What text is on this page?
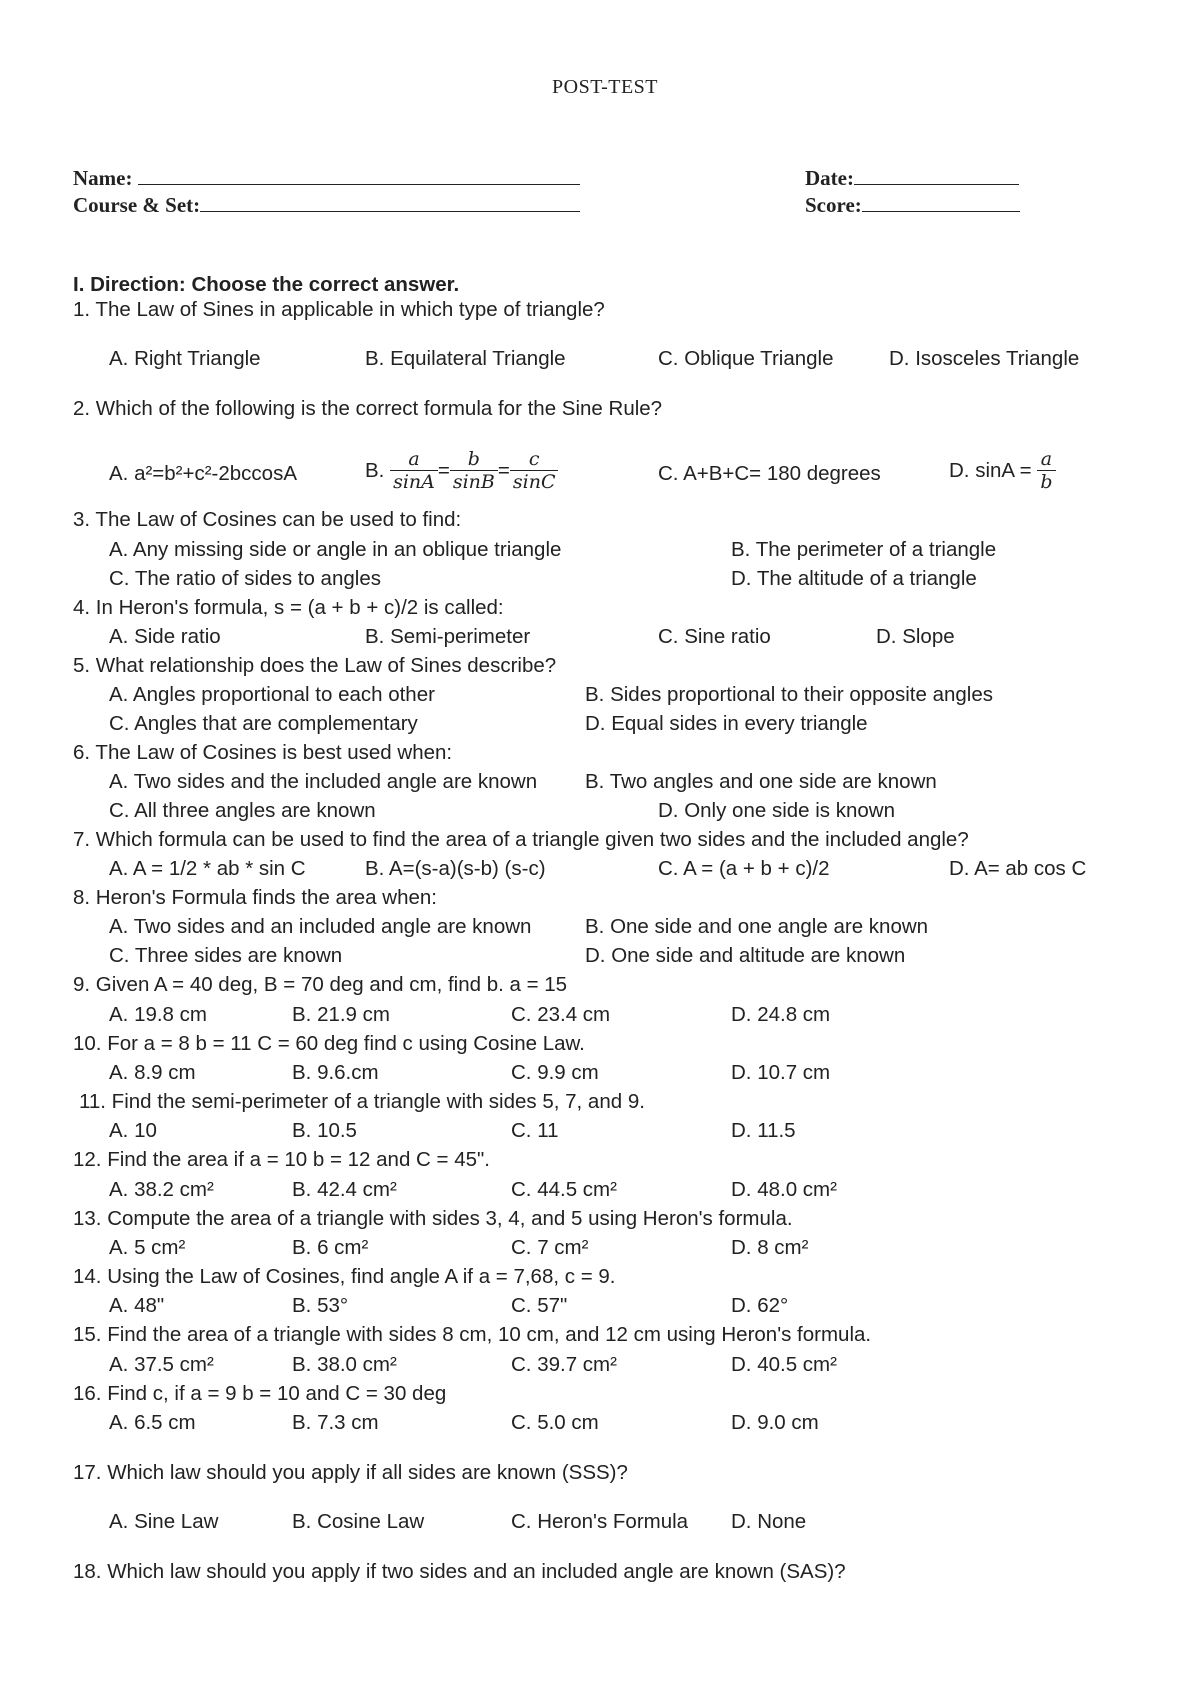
POST-TEST
Name:	Date:
Course & Set:	Score:
I. Direction: Choose the correct answer.
1. The Law of Sines in applicable in which type of triangle?
A. Right Triangle	B. Equilateral Triangle	C. Oblique Triangle	D. Isosceles Triangle
2. Which of the following is the correct formula for the Sine Rule?
A. a²=b²+c²-2bccosA	B. $\frac{a}{\sin A} = \frac{b}{\sin B} = \frac{c}{\sin C}$	C. A+B+C= 180 degrees	D. $\sin A = \frac{a}{b}$
3. The Law of Cosines can be used to find:
A. Any missing side or angle in an oblique triangle	B. The perimeter of a triangle
C. The ratio of sides to angles	D. The altitude of a triangle
4. In Heron's formula, s = (a + b + c)/2 is called:
A. Side ratio	B. Semi-perimeter	C. Sine ratio	D. Slope
5. What relationship does the Law of Sines describe?
A. Angles proportional to each other	B. Sides proportional to their opposite angles
C. Angles that are complementary	D. Equal sides in every triangle
6. The Law of Cosines is best used when:
A. Two sides and the included angle are known B. Two angles and one side are known
C. All three angles are known	D. Only one side is known
7. Which formula can be used to find the area of a triangle given two sides and the included angle?
A. A = 1/2 * ab * sin C	B. A=(s-a)(s-b) (s-c)	C. A = (a + b + c)/2	D. A= ab cos C
8. Heron's Formula finds the area when:
A. Two sides and an included angle are known	B. One side and one angle are known
C. Three sides are known	D. One side and altitude are known
9. Given A = 40 deg, B = 70 deg and cm, find b. a = 15
A. 19.8 cm	B. 21.9 cm	C. 23.4 cm	D. 24.8 cm
10. For a = 8 b = 11 C = 60 deg find c using Cosine Law.
A. 8.9 cm	B. 9.6.cm	C. 9.9 cm	D. 10.7 cm
11. Find the semi-perimeter of a triangle with sides 5, 7, and 9.
A. 10	B. 10.5	C. 11	D. 11.5
12. Find the area if a = 10 b = 12 and C = 45".
A. 38.2 cm²	B. 42.4 cm²	C. 44.5 cm²	D. 48.0 cm²
13. Compute the area of a triangle with sides 3, 4, and 5 using Heron's formula.
A. 5 cm²	B. 6 cm²	C. 7 cm²	D. 8 cm²
14. Using the Law of Cosines, find angle A if a = 7,68, c = 9.
A. 48"	B. 53°	C. 57"	D. 62°
15. Find the area of a triangle with sides 8 cm, 10 cm, and 12 cm using Heron's formula.
A. 37.5 cm²	B. 38.0 cm²	C. 39.7 cm²	D. 40.5 cm²
16. Find c, if a = 9 b = 10 and C = 30 deg
A. 6.5 cm	B. 7.3 cm	C. 5.0 cm	D. 9.0 cm
17. Which law should you apply if all sides are known (SSS)?
A. Sine Law	B. Cosine Law	C. Heron's Formula D. None
18. Which law should you apply if two sides and an included angle are known (SAS)?
